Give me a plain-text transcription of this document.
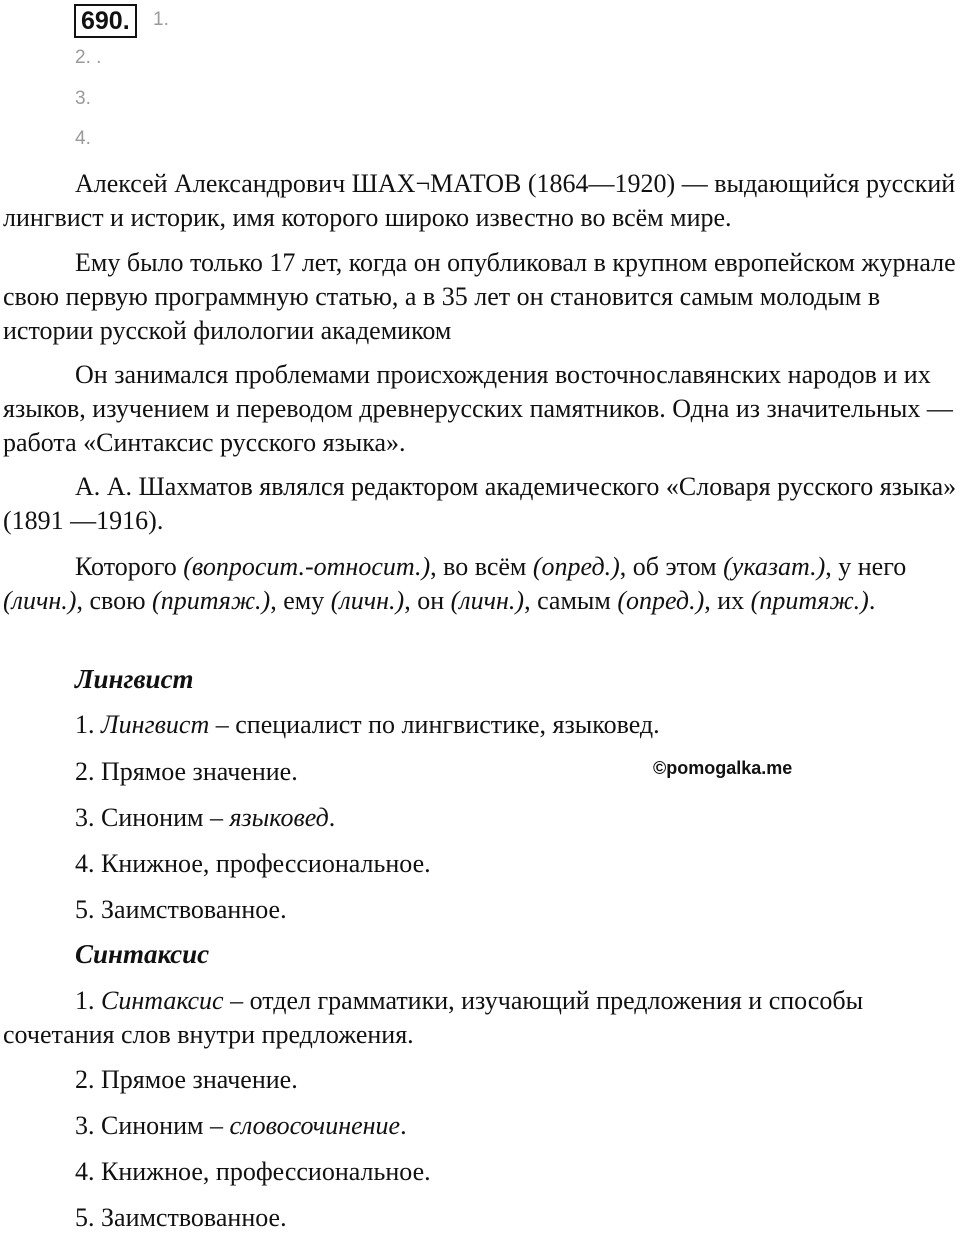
690.	1.
2. .
3.
4.

Алексей Александрович ШАХ¬МАТОВ (1864—1920) — выдающийся русский лингвист и историк, имя которого широко известно во всём мире.

Ему было только 17 лет, когда он опубликовал в крупном европейском журнале свою первую программную статью, а в 35 лет он становится самым молодым в истории русской филологии академиком

Он занимался проблемами происхождения восточнославянских народов и их языков, изучением и переводом древнерусских памятников. Одна из значительных — работа «Синтаксис русского языка».

А. А. Шахматов являлся редактором академического «Словаря русского языка» (1891 —1916).

Которого (вопросит.-относит.), во всём (опред.), об этом (указат.), у него (личн.), свою (притяж.), ему (личн.), он (личн.), самым (опред.), их (притяж.).

Лингвист
1. Лингвист – специалист по лингвистике, языковед.
2. Прямое значение.	©pomogalka.me
3. Синоним – языковед.
4. Книжное, профессиональное.
5. Заимствованное.
Синтаксис

1. Синтаксис – отдел грамматики, изучающий предложения и способы сочетания слов внутри предложения.

2. Прямое значение.
3. Синоним – словосочинение.
4. Книжное, профессиональное.
5. Заимствованное.
